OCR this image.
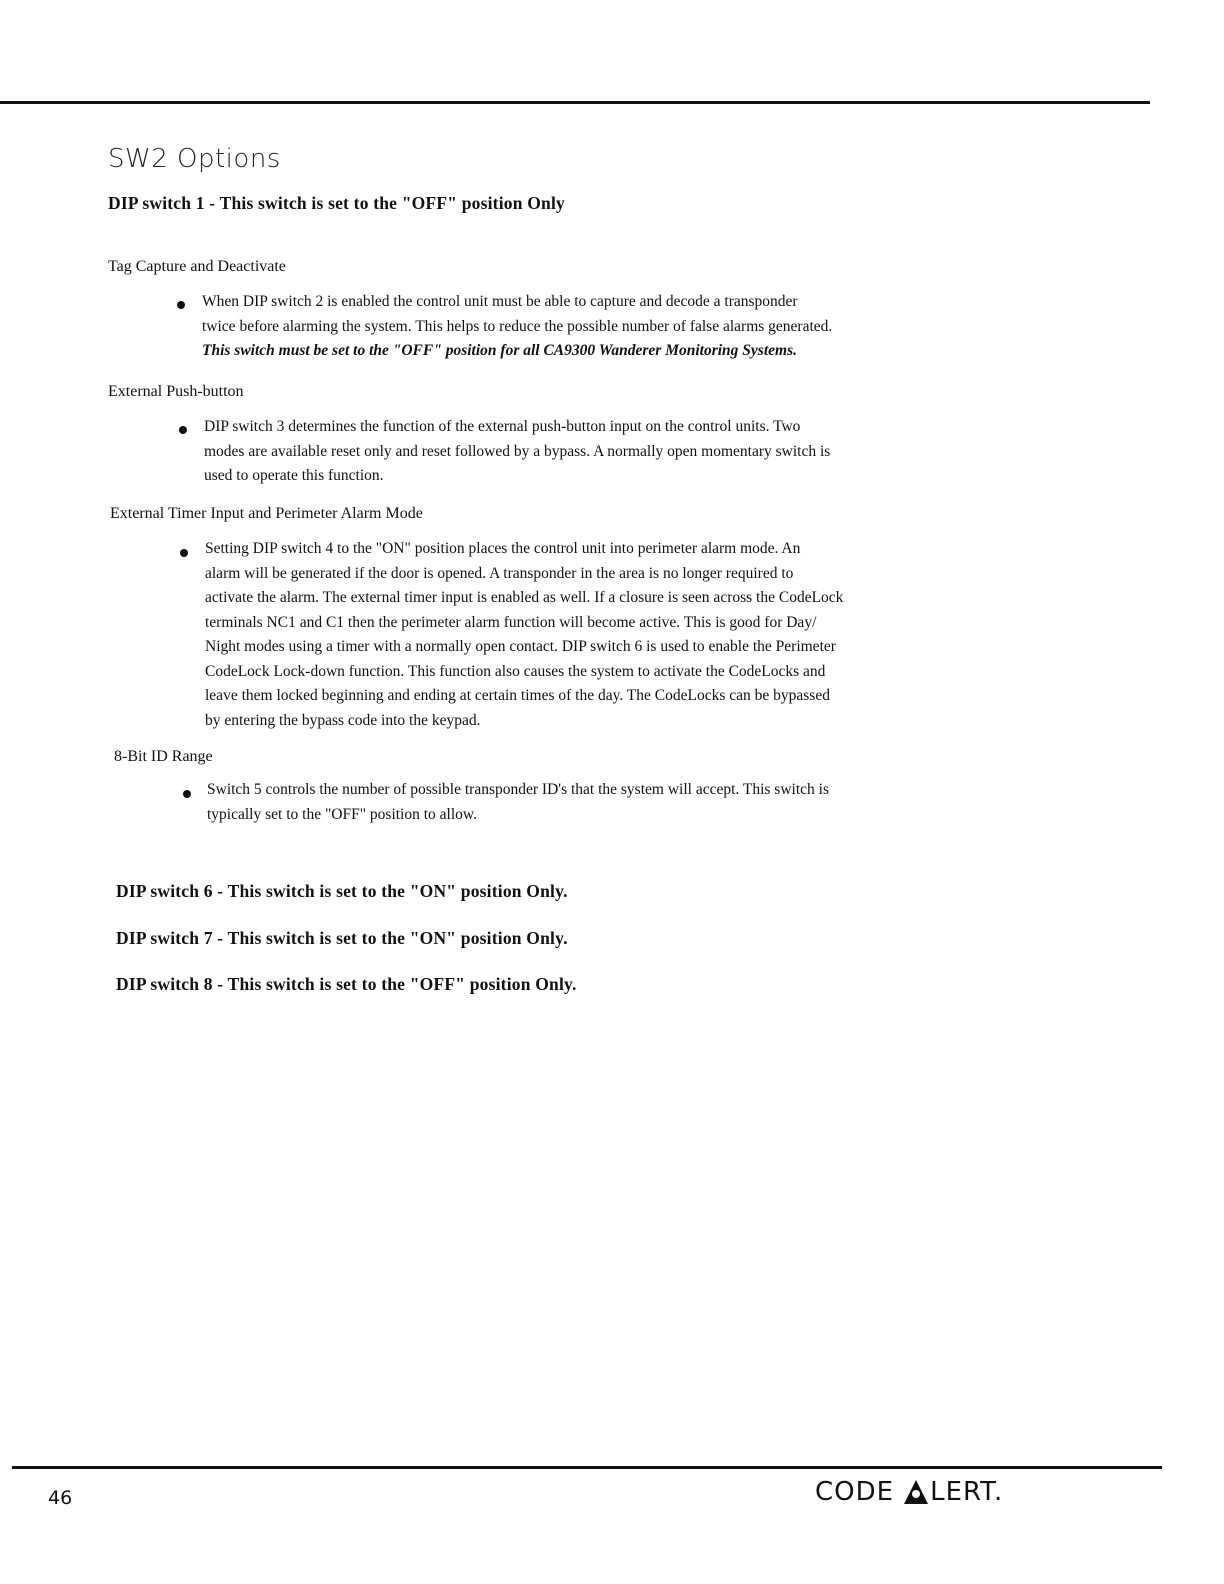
SW2 Options
DIP switch 1 - This switch is set to the "OFF" position Only
Tag Capture and Deactivate
When DIP switch 2 is enabled the control unit must be able to capture and decode a transponder
twice before alarming the system. This helps to reduce the possible number of false alarms generated.
This switch must be set to the "OFF" position for all CA9300 Wanderer Monitoring Systems.
External Push-button
DIP switch 3 determines the function of the external push-button input on the control units. Two
modes are available reset only and reset followed by a bypass. A normally open momentary switch is
used to operate this function.
External Timer Input and Perimeter Alarm Mode
Setting DIP switch 4 to the "ON" position places the control unit into perimeter alarm mode. An
alarm will be generated if the door is opened. A transponder in the area is no longer required to
activate the alarm. The external timer input is enabled as well. If a closure is seen across the CodeLock
terminals NC1 and C1 then the perimeter alarm function will become active. This is good for Day/
Night modes using a timer with a normally open contact. DIP switch 6 is used to enable the Perimeter
CodeLock Lock-down function. This function also causes the system to activate the CodeLocks and
leave them locked beginning and ending at certain times of the day. The CodeLocks can be bypassed
by entering the bypass code into the keypad.
8-Bit ID Range
Switch 5 controls the number of possible transponder ID's that the system will accept. This switch is
typically set to the "OFF" position to allow.
DIP switch 6 - This switch is set to the "ON" position Only.
DIP switch 7 - This switch is set to the "ON" position Only.
DIP switch 8 - This switch is set to the "OFF" position Only.
46	CODE LERT.
